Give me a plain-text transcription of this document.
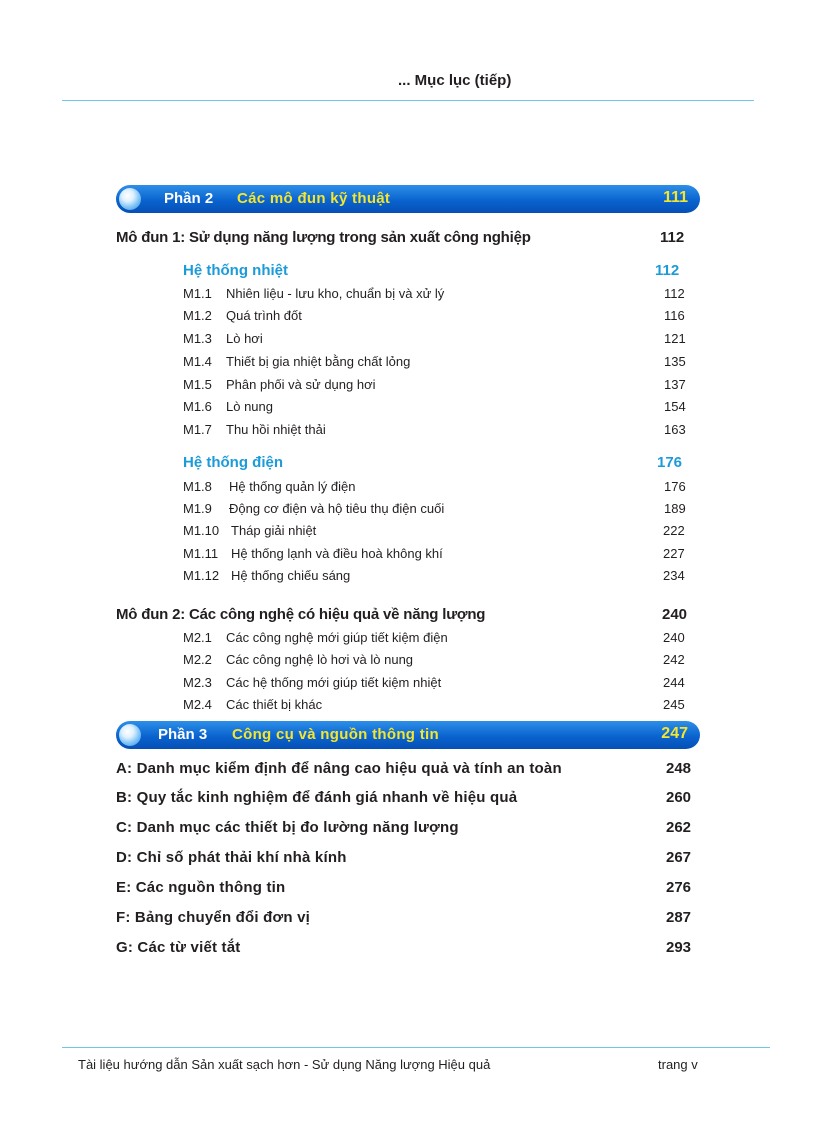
... Mục lục (tiếp)
Phần 2 Các mô đun kỹ thuật	111
Mô đun 1: Sử dụng năng lượng trong sản xuất công nghiệp	112
Hệ thống nhiệt	112
M1.1 Nhiên liệu - lưu kho, chuẩn bị và xử lý	112
M1.2 Quá trình đốt	116
M1.3 Lò hơi	121
M1.4 Thiết bị gia nhiệt bằng chất lỏng	135
M1.5 Phân phối và sử dụng hơi	137
M1.6 Lò nung	154
M1.7 Thu hồi nhiệt thải	163
Hệ thống điện	176
M1.8 Hệ thống quản lý điện	176
M1.9 Động cơ điện và hộ tiêu thụ điện cuối	189
M1.10 Tháp giải nhiệt	222
M1.11 Hệ thống lạnh và điều hoà không khí	227
M1.12 Hệ thống chiếu sáng	234
Mô đun 2: Các công nghệ có hiệu quả về năng lượng	240
M2.1 Các công nghệ mới giúp tiết kiệm điện	240
M2.2 Các công nghệ lò hơi và lò nung	242
M2.3 Các hệ thống mới giúp tiết kiệm nhiệt	244
M2.4 Các thiết bị khác	245
Phần 3 Công cụ và nguồn thông tin	247
A: Danh mục kiểm định để nâng cao hiệu quả và tính an toàn	248
B: Quy tắc kinh nghiệm để đánh giá nhanh về hiệu quả	260
C: Danh mục các thiết bị đo lường năng lượng	262
D: Chỉ số phát thải khí nhà kính	267
E: Các nguồn thông tin	276
F: Bảng chuyển đổi đơn vị	287
G: Các từ viết tắt	293
Tài liệu hướng dẫn Sản xuất sạch hơn - Sử dụng Năng lượng Hiệu quả	trang v
